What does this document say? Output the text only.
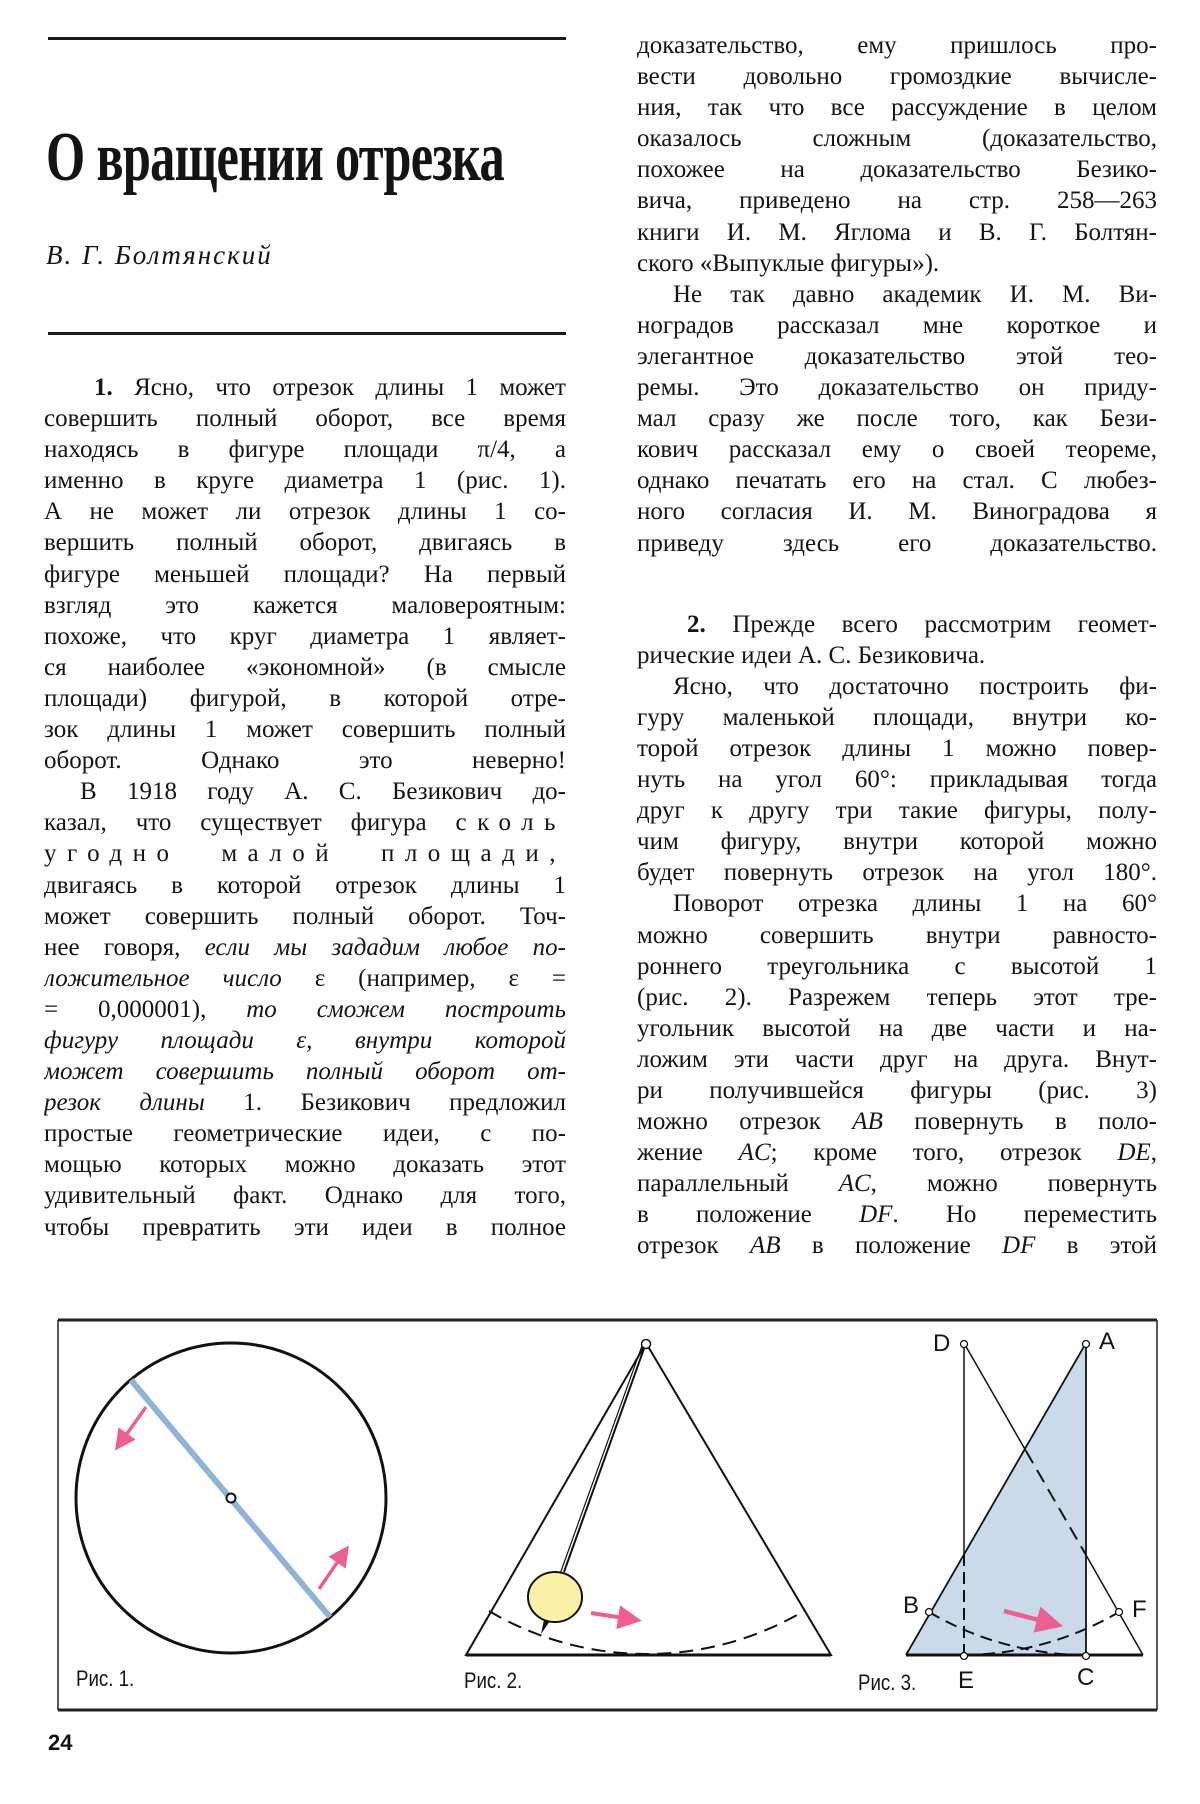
О вращении отрезка
В. Г. Болтянский
1. Ясно, что отрезок длины 1 может
совершить полный оборот, все время
находясь в фигуре площади π/4, а
именно в круге диаметра 1 (рис. 1).
А не может ли отрезок длины 1 со-
вершить полный оборот, двигаясь в
фигуре меньшей площади? На первый
взгляд это кажется маловероятным:
похоже, что круг диаметра 1 являет-
ся наиболее «экономной» (в смысле
площади) фигурой, в которой отре-
зок длины 1 может совершить полный
оборот. Однако это неверно!
В 1918 году А. С. Безикович до-
казал, что существует фигура сколь
угодно малой площади,
двигаясь в которой отрезок длины 1
может совершить полный оборот. Точ-
нее говоря, если мы зададим любое по-
ложительное число ε (например, ε =
= 0,000001), то сможем построить
фигуру площади ε, внутри которой
может совершить полный оборот от-
резок длины 1. Безикович предложил
простые геометрические идеи, с по-
мощью которых можно доказать этот
удивительный факт. Однако для того,
чтобы превратить эти идеи в полное
доказательство, ему пришлось про-
вести довольно громоздкие вычисле-
ния, так что все рассуждение в целом
оказалось сложным (доказательство,
похожее на доказательство Безико-
вича, приведено на стр. 258—263
книги И. М. Яглома и В. Г. Болтян-
ского «Выпуклые фигуры»).
Не так давно академик И. М. Ви-
ноградов рассказал мне короткое и
элегантное доказательство этой тео-
ремы. Это доказательство он приду-
мал сразу же после того, как Бези-
кович рассказал ему о своей теореме,
однако печатать его на стал. С любез-
ного согласия И. М. Виноградова я
приведу здесь его доказательство.
2. Прежде всего рассмотрим геомет-
рические идеи А. С. Безиковича.
Ясно, что достаточно построить фи-
гуру маленькой площади, внутри ко-
торой отрезок длины 1 можно повер-
нуть на угол 60°: прикладывая тогда
друг к другу три такие фигуры, полу-
чим фигуру, внутри которой можно
будет повернуть отрезок на угол 180°.
Поворот отрезка длины 1 на 60°
можно совершить внутри равносто-
роннего треугольника с высотой 1
(рис. 2). Разрежем теперь этот тре-
угольник высотой на две части и на-
ложим эти части друг на друга. Внут-
ри получившейся фигуры (рис. 3)
можно отрезок AB повернуть в поло-
жение AC; кроме того, отрезок DE,
параллельный AC, можно повернуть
в положение DF. Но переместить
отрезок AB в положение DF в этой
Рис. 1.	Рис. 2.	Рис. 3.
D	A
B	F
E	C
24
